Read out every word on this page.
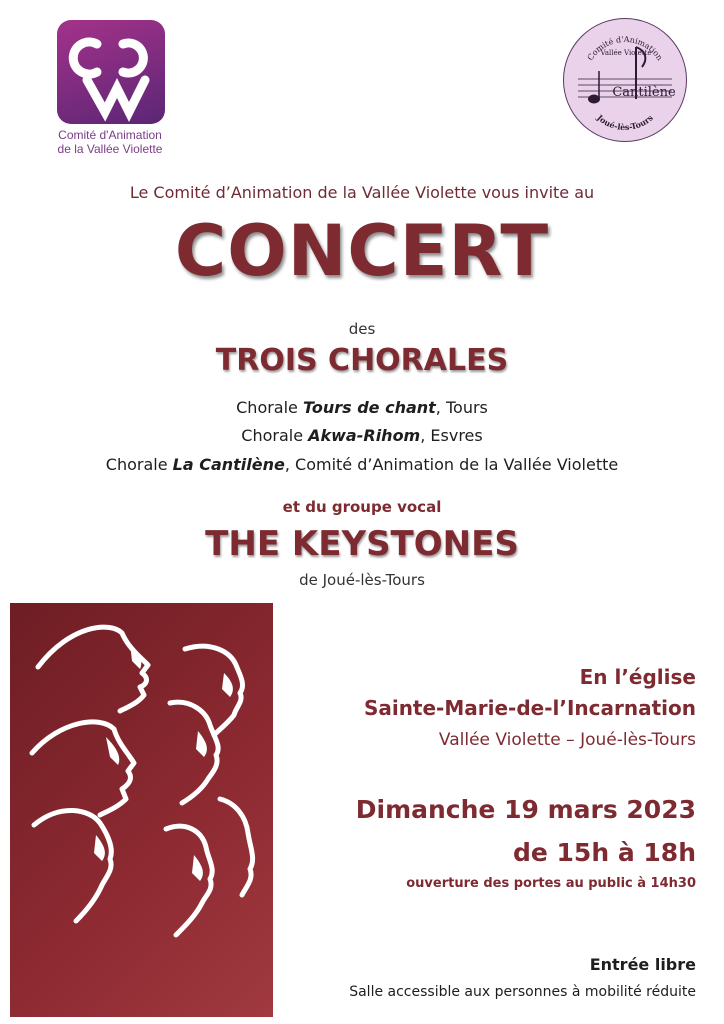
Comité d'Animation
de la Vallée Violette
Comité d'Animation
Vallée Violette
Cantilène
Joué-lès-Tours
Le Comité d’Animation de la Vallée Violette vous invite au
CONCERT
des
TROIS CHORALES
Chorale Tours de chant, Tours
Chorale Akwa-Rihom, Esvres
Chorale La Cantilène, Comité d’Animation de la Vallée Violette
et du groupe vocal
THE KEYSTONES
de Joué-lès-Tours
En l’église
Sainte-Marie-de-l’Incarnation
Vallée Violette – Joué-lès-Tours
Dimanche 19 mars 2023
de 15h à 18h
ouverture des portes au public à 14h30
Entrée libre
Salle accessible aux personnes à mobilité réduite
